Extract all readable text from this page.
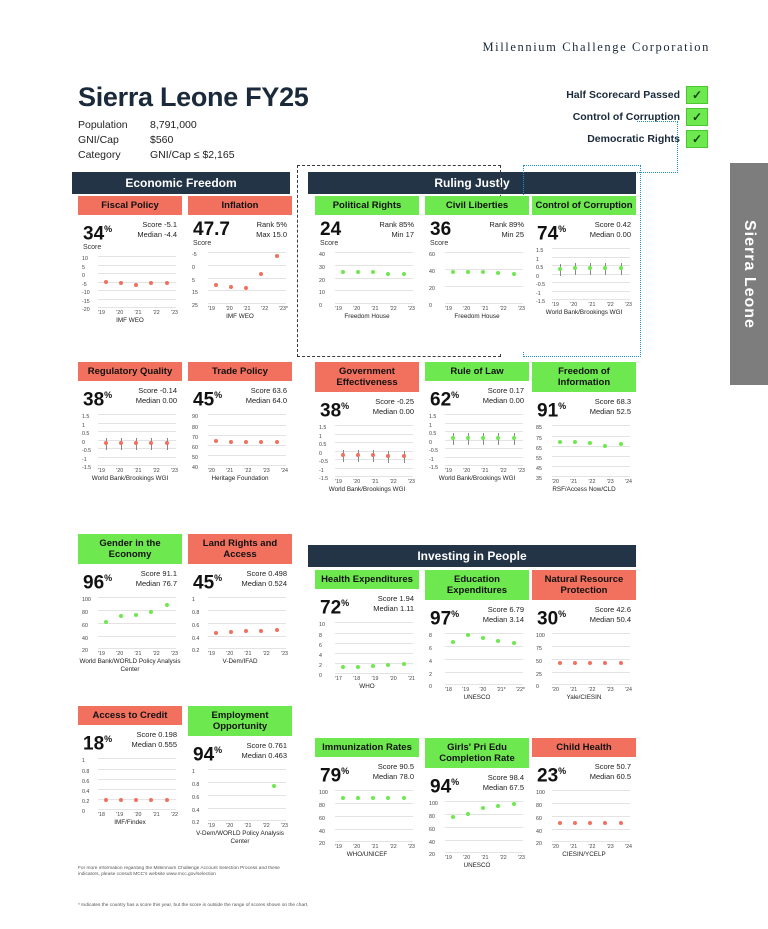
Millennium Challenge Corporation
Sierra Leone FY25
Population	8,791,000
GNI/Cap	$560
Category	GNI/Cap ≤ $2,165
Half Scorecard Passed ✓
Control of Corruption ✓
Democratic Rights ✓
Sierra Leone
Economic Freedom	Ruling Justly
Investing in People
For more information regarding the Millennium Challenge Account Selection Process and these indicators, please consult MCC's website www.mcc.gov/selection
* Indicates the country has a score this year, but the score is outside the range of scores shown on the chart.
Fiscal Policy
34%
Score
Score -5.1
Median -4.4
10
5
0
-5
-10
-15
-20 '19 '20 '21 '22 '23
IMF WEO
Inflation
47.7
Score
Rank 5%
Max 15.0
-5
0
5
15
25 '19 '20 '21 '22 '23*
IMF WEO
Political Rights
24
Score
Rank 85%
Min 17
40
30
20
10
0 '19 '20 '21 '22 '23
Freedom House
Civil Liberties
36
Score
Rank 89%
Min 25
60
40
20
0 '19 '20 '21 '22 '23
Freedom House
Control of Corruption
74%	Score 0.42
Median 0.00
1.5
1
0.5
0
-0.5
-1
-1.5 '19 '20 '21 '22 '23
World Bank/Brookings WGI
Regulatory Quality
38%	Score -0.14
Median 0.00
1.5
1
0.5
0
-0.5
-1
-1.5 '19 '20 '21 '22 '23
World Bank/Brookings WGI
Trade Policy
45%	Score 63.6
Median 64.0
90
80
70
60
50
40 '20 '21 '22 '23 '24
Heritage Foundation
Government Effectiveness
38%	Score -0.25
Median 0.00
1.5
1
0.5
0
-0.5
-1
-1.5 '19 '20 '21 '22 '23
World Bank/Brookings WGI
Rule of Law
62%	Score 0.17
Median 0.00
1.5
1
0.5
0
-0.5
-1
-1.5 '19 '20 '21 '22 '23
World Bank/Brookings WGI
Freedom of Information
91%	Score 68.3
Median 52.5
85
75
65
55
45
35 '20 '21 '22 '23 '24
RSF/Access Now/CLD
Gender in the Economy
96%	Score 91.1
Median 76.7
100
80
60
40
20 '19 '20 '21 '22 '23
World Bank/WORLD Policy Analysis Center
Land Rights and Access
45%	Score 0.498
Median 0.524
1
0.8
0.6
0.4
0.2 '19 '20 '21 '22 '23
V-Dem/IFAD
Access to Credit
18%	Score 0.198
Median 0.555
1
0.8
0.6
0.4
0.2
0 '18 '19 '20 '21 '22
IMF/Findex
Employment Opportunity
94%	Score 0.761
Median 0.463
1
0.8
0.6
0.4
0.2 '19 '20 '21 '22 '23
V-Dem/WORLD Policy Analysis Center
Health Expenditures
72%	Score 1.94
Median 1.11
10
8
6
4
2
0 '17 '18 '19 '20 '21
WHO
Education Expenditures
97%	Score 6.79
Median 3.14
8
6
4
2
0 '18 '19 '20 '21* '22*
UNESCO
Natural Resource Protection
30%	Score 42.6
Median 50.4
100
75
50
25
0 '20 '21 '22 '23 '24
Yale/CIESIN
Immunization Rates
79%	Score 90.5
Median 78.0
100
80
60
40
20 '19 '20 '21 '22 '23
WHO/UNICEF
Girls' Pri Edu Completion Rate
94%	Score 98.4
Median 67.5
100
80
60
40
20 '19 '20 '21 '22 '23
UNESCO
Child Health
23%	Score 50.7
Median 60.5
100
80
60
40
20 '20 '21 '22 '23 '24
CIESIN/YCELP
